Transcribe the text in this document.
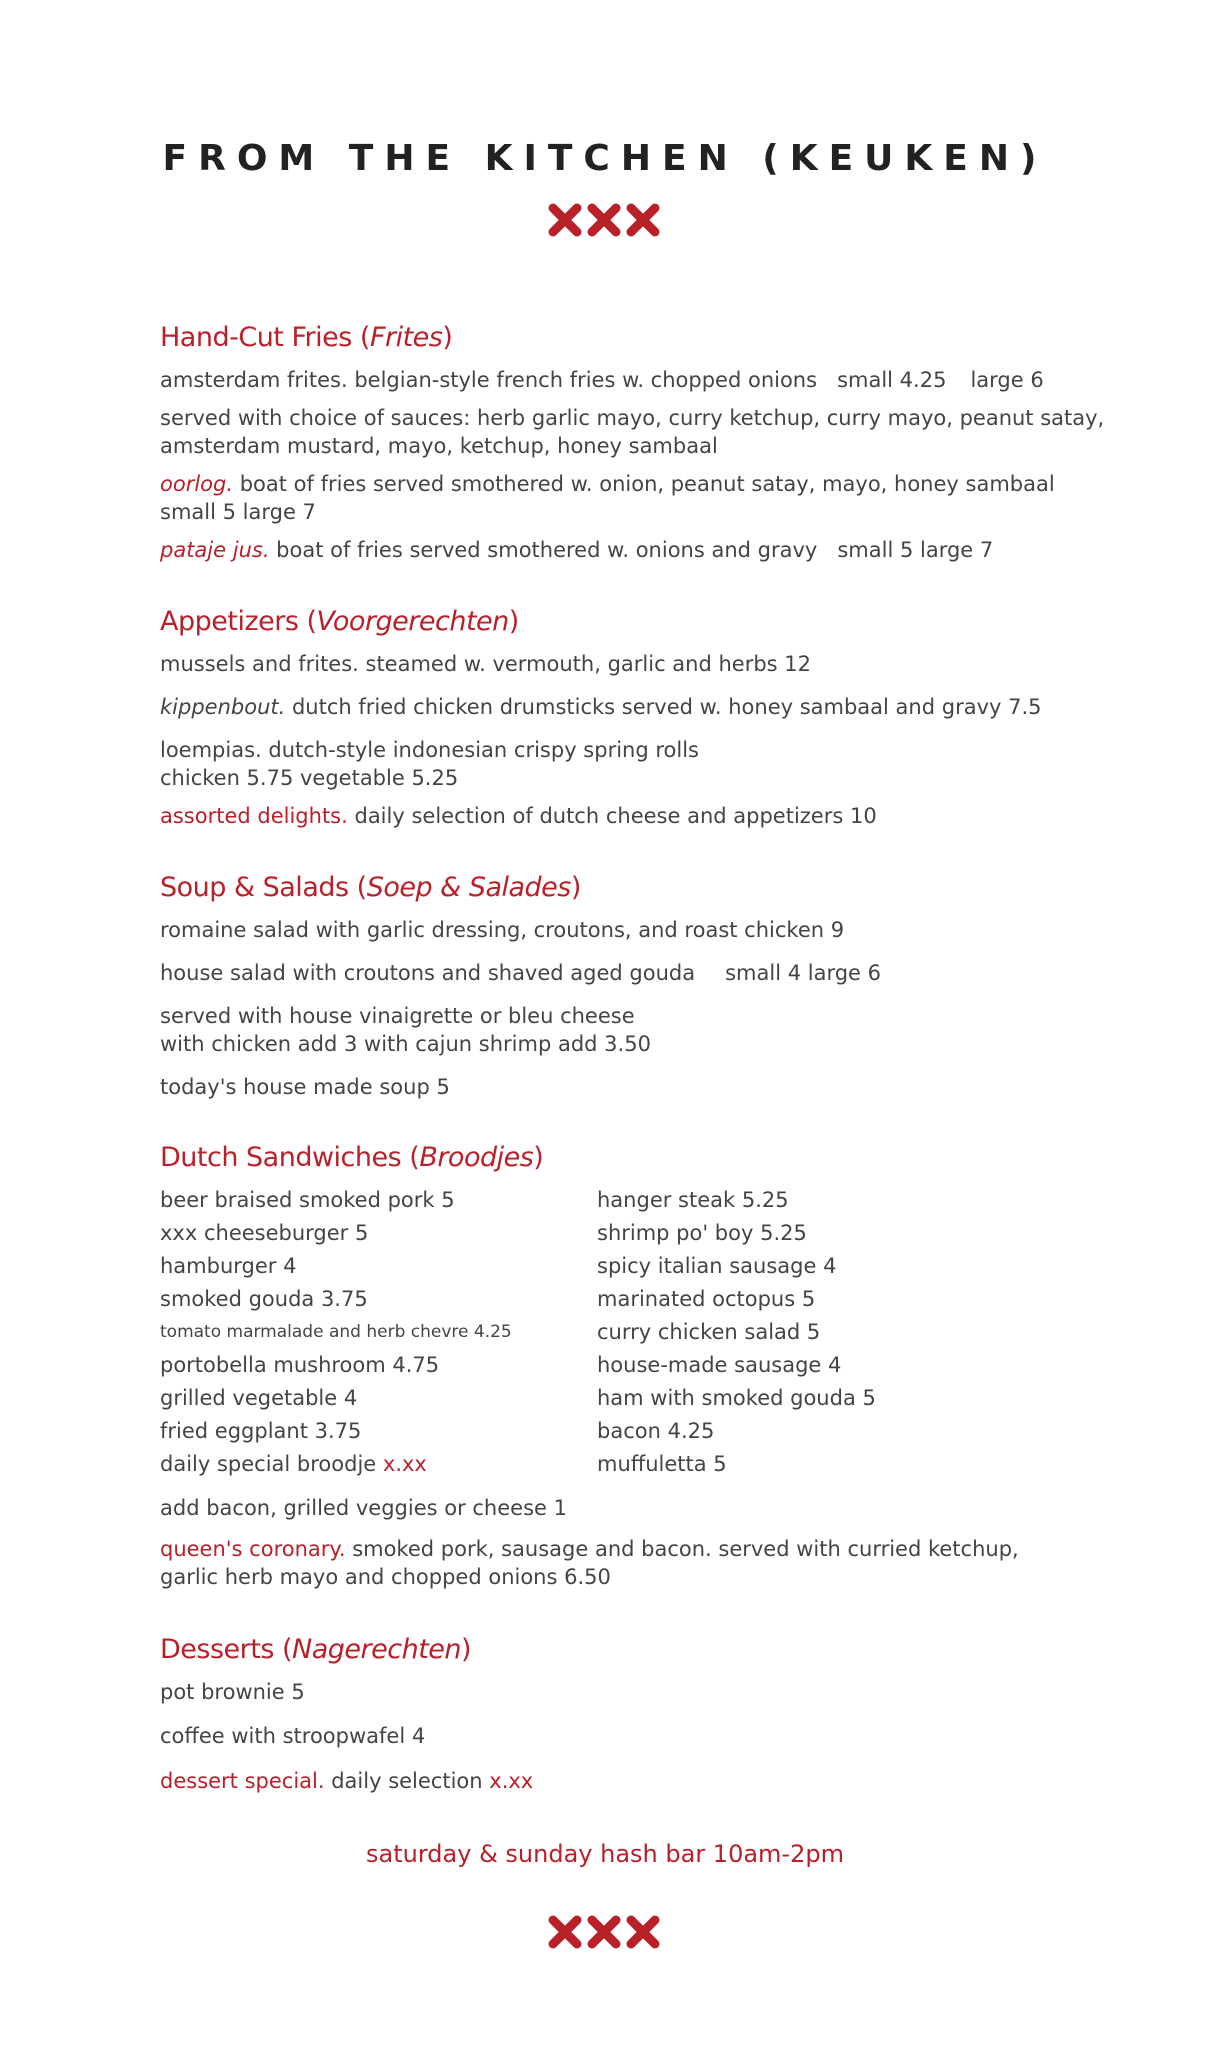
FROM THE KITCHEN (KEUKEN)
Hand-Cut Fries (Frites)
amsterdam frites. belgian-style french fries w. chopped onions small 4.25 large 6
served with choice of sauces: herb garlic mayo, curry ketchup, curry mayo, peanut satay,
amsterdam mustard, mayo, ketchup, honey sambaal
oorlog. boat of fries served smothered w. onion, peanut satay, mayo, honey sambaal
small 5 large 7
pataje jus. boat of fries served smothered w. onions and gravy small 5 large 7
Appetizers (Voorgerechten)
mussels and frites. steamed w. vermouth, garlic and herbs 12
kippenbout. dutch fried chicken drumsticks served w. honey sambaal and gravy 7.5
loempias. dutch-style indonesian crispy spring rolls
chicken 5.75 vegetable 5.25
assorted delights. daily selection of dutch cheese and appetizers 10
Soup & Salads (Soep & Salades)
romaine salad with garlic dressing, croutons, and roast chicken 9
house salad with croutons and shaved aged gouda small 4 large 6
served with house vinaigrette or bleu cheese
with chicken add 3 with cajun shrimp add 3.50
today's house made soup 5
Dutch Sandwiches (Broodjes)
beer braised smoked pork 5
xxx cheeseburger 5
hamburger 4
smoked gouda 3.75
tomato marmalade and herb chevre 4.25
portobella mushroom 4.75
grilled vegetable 4
fried eggplant 3.75
daily special broodje x.xx
hanger steak 5.25
shrimp po' boy 5.25
spicy italian sausage 4
marinated octopus 5
curry chicken salad 5
house-made sausage 4
ham with smoked gouda 5
bacon 4.25
muffuletta 5
add bacon, grilled veggies or cheese 1
queen's coronary. smoked pork, sausage and bacon. served with curried ketchup,
garlic herb mayo and chopped onions 6.50
Desserts (Nagerechten)
pot brownie 5
coffee with stroopwafel 4
dessert special. daily selection x.xx
saturday & sunday hash bar 10am-2pm
